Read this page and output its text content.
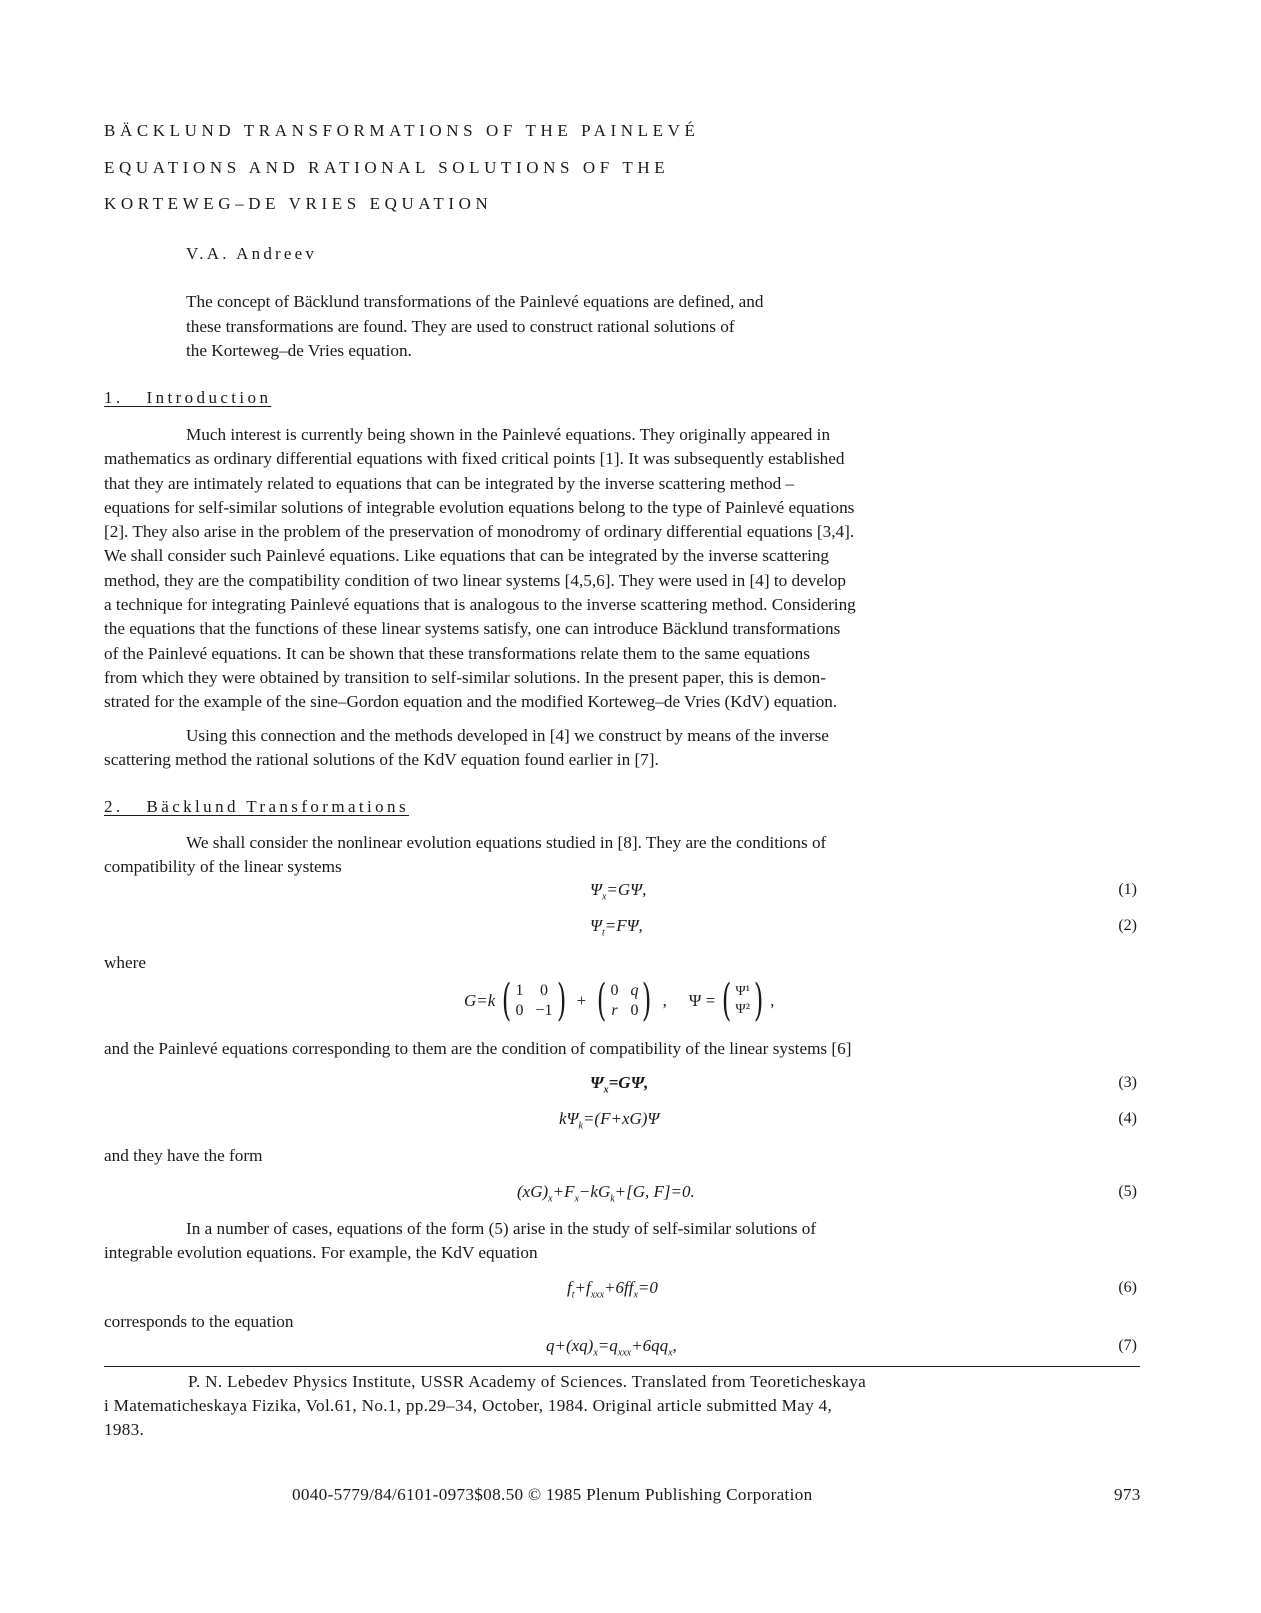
BÄCKLUND TRANSFORMATIONS OF THE PAINLEVÉ
EQUATIONS AND RATIONAL SOLUTIONS OF THE
KORTEWEG–DE VRIES EQUATION
V.A. Andreev
The concept of Bäcklund transformations of the Painlevé equations are defined, and
these transformations are found. They are used to construct rational solutions of
the Korteweg–de Vries equation.
1. Introduction
Much interest is currently being shown in the Painlevé equations. They originally appeared in
mathematics as ordinary differential equations with fixed critical points [1]. It was subsequently established
that they are intimately related to equations that can be integrated by the inverse scattering method –
equations for self-similar solutions of integrable evolution equations belong to the type of Painlevé equations
[2]. They also arise in the problem of the preservation of monodromy of ordinary differential equations [3,4].
We shall consider such Painlevé equations. Like equations that can be integrated by the inverse scattering
method, they are the compatibility condition of two linear systems [4,5,6]. They were used in [4] to develop
a technique for integrating Painlevé equations that is analogous to the inverse scattering method. Considering
the equations that the functions of these linear systems satisfy, one can introduce Bäcklund transformations
of the Painlevé equations. It can be shown that these transformations relate them to the same equations
from which they were obtained by transition to self-similar solutions. In the present paper, this is demon-
strated for the example of the sine–Gordon equation and the modified Korteweg–de Vries (KdV) equation.
Using this connection and the methods developed in [4] we construct by means of the inverse
scattering method the rational solutions of the KdV equation found earlier in [7].
2. Bäcklund Transformations
We shall consider the nonlinear evolution equations studied in [8]. They are the conditions of
compatibility of the linear systems
$\Psi_x=G\Psi$,	(1)
$\Psi_t=F\Psi$,	(2)
where
G=k ( 1 0
0 −1 ) + ( 0 q
r 0 ) , Ψ = ( Ψ¹
Ψ² ) ,
and the Painlevé equations corresponding to them are the condition of compatibility of the linear systems [6]
$\Psi_x=G\Psi$,	(3)
$k\Psi_k=(F+xG)\Psi$	(4)
and they have the form
$(xG)_x+F_x-kG_k+[G$, F]=0.	(5)
In a number of cases, equations of the form (5) arise in the study of self-similar solutions of
integrable evolution equations. For example, the KdV equation
$f_t+f_{xxx}+6ff_x=0$	(6)
corresponds to the equation
$q+(xq)_x=q_{xxx}+6qq_x$,	(7)
P. N. Lebedev Physics Institute, USSR Academy of Sciences. Translated from Teoreticheskaya
i Matematicheskaya Fizika, Vol.61, No.1, pp.29–34, October, 1984. Original article submitted May 4,
1983.
0040-5779/84/6101-0973$08.50 © 1985 Plenum Publishing Corporation	973
